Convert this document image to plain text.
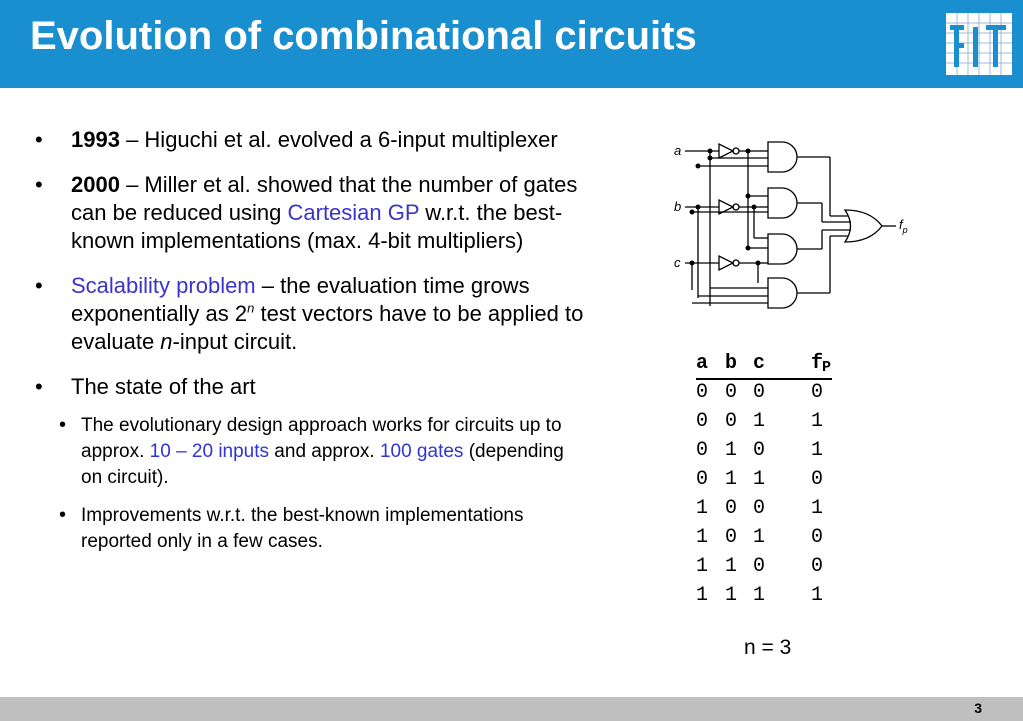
Evolution of combinational circuits
• 1993 – Higuchi et al. evolved a 6-input multiplexer
• 2000 – Miller et al. showed that the number of gates can be reduced using Cartesian GP w.r.t. the best-known implementations (max. 4-bit multipliers)
• Scalability problem – the evaluation time grows exponentially as 2$^n$ test vectors have to be applied to evaluate n-input circuit.
• The state of the art
• The evolutionary design approach works for circuits up to approx. 10 – 20 inputs and approx. 100 gates (depending on circuit).
• Improvements w.r.t. the best-known implementations reported only in a few cases.
a
b
c
$f_p$
a b c f
P
0 0 0 0
0 0 1 1
0 1 0 1
0 1 1 0
1 0 0 1
1 0 1 0
1 1 0 0
1 1 1 1
n = 3
3
